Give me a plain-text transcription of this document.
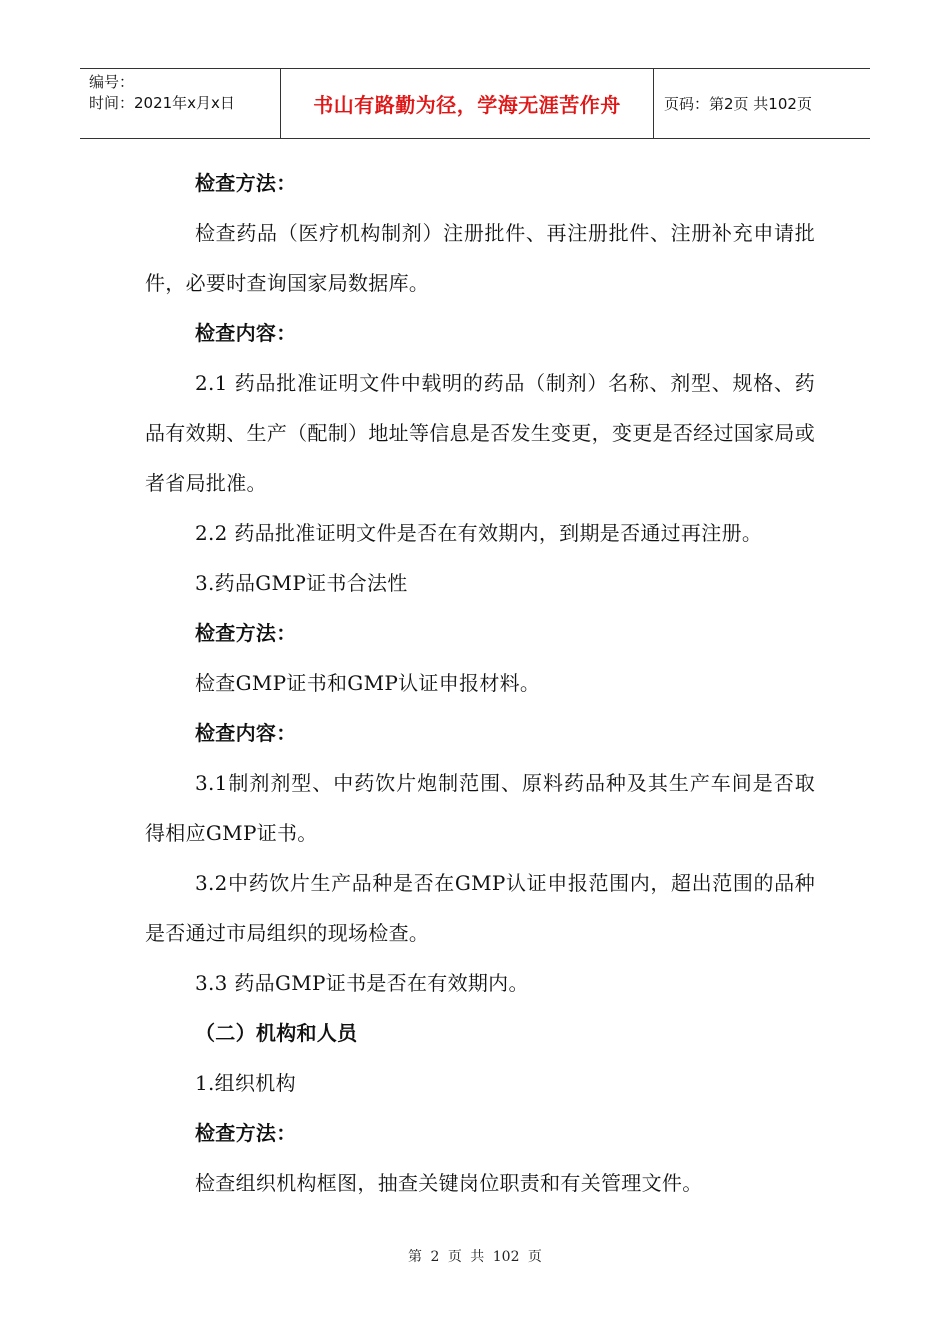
编号：
时间：2021年x月x日	书山有路勤为径，学海无涯苦作舟	页码：第2页 共102页

检查方法：

检查药品（医疗机构制剂）注册批件、再注册批件、注册补充申请批件，必要时查询国家局数据库。

检查内容：

2.1 药品批准证明文件中载明的药品（制剂）名称、剂型、规格、药品有效期、生产（配制）地址等信息是否发生变更，变更是否经过国家局或者省局批准。

2.2 药品批准证明文件是否在有效期内，到期是否通过再注册。

3.药品GMP证书合法性

检查方法：

检查GMP证书和GMP认证申报材料。

检查内容：

3.1制剂剂型、中药饮片炮制范围、原料药品种及其生产车间是否取得相应GMP证书。

3.2中药饮片生产品种是否在GMP认证申报范围内，超出范围的品种是否通过市局组织的现场检查。

3.3 药品GMP证书是否在有效期内。

（二）机构和人员

1.组织机构

检查方法：

检查组织机构框图，抽查关键岗位职责和有关管理文件。

第 2 页 共 102 页
